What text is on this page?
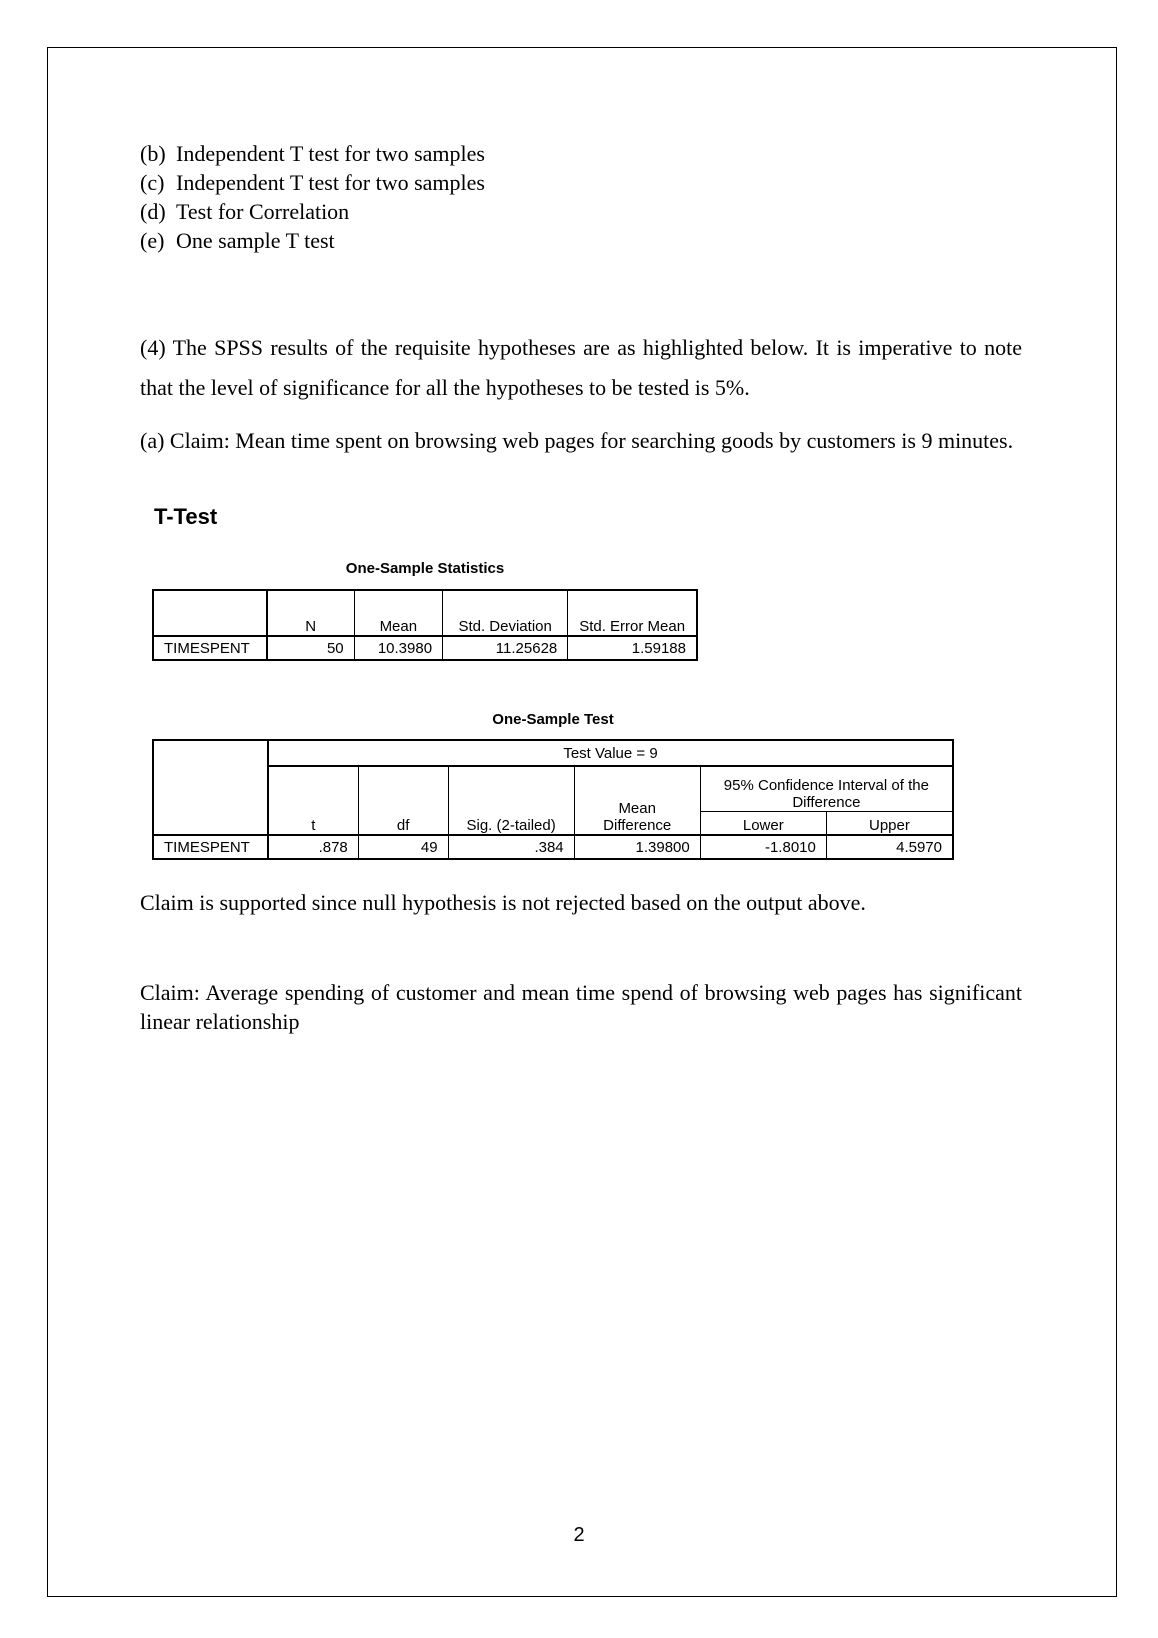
(b) Independent T test for two samples
(c) Independent T test for two samples
(d) Test for Correlation
(e) One sample T test
(4) The SPSS results of the requisite hypotheses are as highlighted below. It is imperative to note that the level of significance for all the hypotheses to be tested is 5%.
(a) Claim: Mean time spent on browsing web pages for searching goods by customers is 9 minutes.
T-Test
One-Sample Statistics
	N	Mean	Std. Deviation	Std. Error Mean
TIMESPENT	50	10.3980	11.25628	1.59188
One-Sample Test
	Test Value = 9					
	t	df	Sig. (2-tailed)	Mean Difference	95% Confidence Interval of the Difference	
					Lower	Upper
TIMESPENT	.878	49	.384	1.39800	-1.8010	4.5970
Claim is supported since null hypothesis is not rejected based on the output above.
Claim: Average spending of customer and mean time spend of browsing web pages has significant linear relationship
2
